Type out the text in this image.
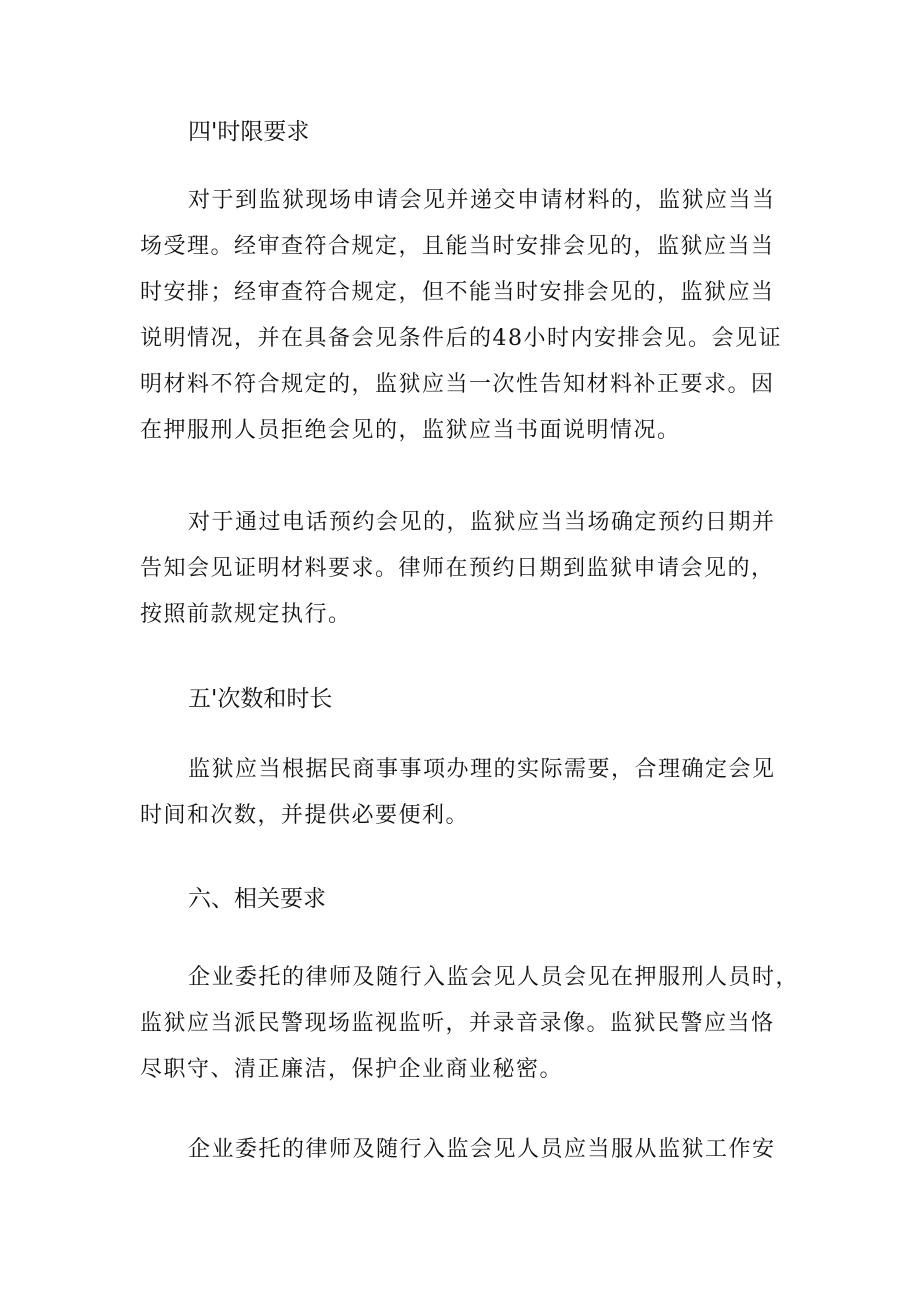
四'时限要求

对于到监狱现场申请会见并递交申请材料的，监狱应当当
场受理。经审查符合规定，且能当时安排会见的，监狱应当当
时安排；经审查符合规定，但不能当时安排会见的，监狱应当
说明情况，并在具备会见条件后的48小时内安排会见。会见证
明材料不符合规定的，监狱应当一次性告知材料补正要求。因
在押服刑人员拒绝会见的，监狱应当书面说明情况。

对于通过电话预约会见的，监狱应当当场确定预约日期并
告知会见证明材料要求。律师在预约日期到监狱申请会见的，
按照前款规定执行。

五'次数和时长

监狱应当根据民商事事项办理的实际需要，合理确定会见
时间和次数，并提供必要便利。

六、相关要求

企业委托的律师及随行入监会见人员会见在押服刑人员时，
监狱应当派民警现场监视监听，并录音录像。监狱民警应当恪
尽职守、清正廉洁，保护企业商业秘密。

企业委托的律师及随行入监会见人员应当服从监狱工作安
